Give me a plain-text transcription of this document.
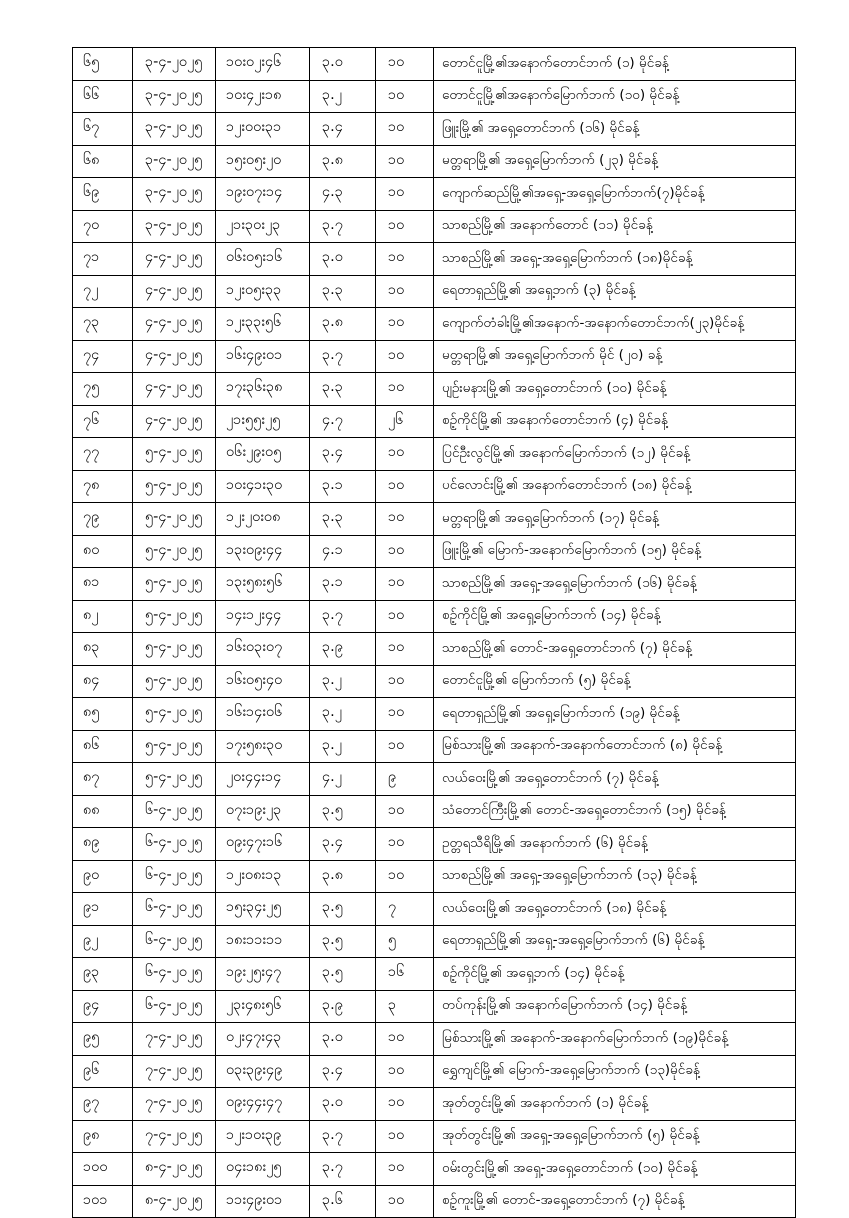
၆၅	၃-၄-၂၀၂၅	၁၀း၀၂း၄၆	၃.၀	၁၀	တောင်ငူမြို့၏အနောက်တောင်ဘက် (၁) မိုင်ခန့်
၆၆	၃-၄-၂၀၂၅	၁၀း၄၂း၁၈	၃.၂	၁၀	တောင်ငူမြို့၏အနောက်မြောက်ဘက် (၁၀) မိုင်ခန့်
၆၇	၃-၄-၂၀၂၅	၁၂း၀၀း၃၁	၃.၄	၁၀	ဖြူးမြို့၏ အရှေ့တောင်ဘက် (၁၆) မိုင်ခန့်
၆၈	၃-၄-၂၀၂၅	၁၅း၀၅း၂၀	၃.၈	၁၀	မတ္တရာမြို့၏ အရှေ့မြောက်ဘက် (၂၃) မိုင်ခန့်
၆၉	၃-၄-၂၀၂၅	၁၉း၀၇း၁၄	၄.၃	၁၀	ကျောက်ဆည်မြို့၏အရှေ့-အရှေ့မြောက်ဘက်(၇)မိုင်ခန့်
၇၀	၃-၄-၂၀၂၅	၂၁း၃၀း၂၃	၃.၇	၁၀	သာစည်မြို့၏ အနောက်တောင် (၁၁) မိုင်ခန့်
၇၁	၄-၄-၂၀၂၅	၀၆း၀၅း၁၆	၃.၀	၁၀	သာစည်မြို့၏ အရှေ့-အရှေ့မြောက်ဘက် (၁၈)မိုင်ခန့်
၇၂	၄-၄-၂၀၂၅	၁၂း၀၅း၃၃	၃.၃	၁၀	ရေတာရှည်မြို့၏ အရှေ့ဘက် (၃) မိုင်ခန့်
၇၃	၄-၄-၂၀၂၅	၁၂း၃၃း၅၆	၃.၈	၁၀	ကျောက်တံခါးမြို့၏အနောက်-အနောက်တောင်ဘက်(၂၃)မိုင်ခန့်
၇၄	၄-၄-၂၀၂၅	၁၆း၄၉း၀၁	၃.၇	၁၀	မတ္တရာမြို့၏ အရှေ့မြောက်ဘက် မိုင် (၂၀) ခန့်
၇၅	၄-၄-၂၀၂၅	၁၇း၃၆း၃၈	၃.၃	၁၀	ပျဉ်းမနားမြို့၏ အရှေ့တောင်ဘက် (၁၀) မိုင်ခန့်
၇၆	၄-၄-၂၀၂၅	၂၁း၅၅း၂၅	၄.၇	၂၆	စဉ့်ကိုင်မြို့၏ အနောက်တောင်ဘက် (၄) မိုင်ခန့်
၇၇	၅-၄-၂၀၂၅	၀၆း၂၉း၀၅	၃.၄	၁၀	ပြင်ဦးလွင်မြို့၏ အနောက်မြောက်ဘက် (၁၂) မိုင်ခန့်
၇၈	၅-၄-၂၀၂၅	၁၀း၄၁း၃၀	၃.၁	၁၀	ပင်လောင်းမြို့၏ အနောက်တောင်ဘက် (၁၈) မိုင်ခန့်
၇၉	၅-၄-၂၀၂၅	၁၂း၂၀း၀၈	၃.၃	၁၀	မတ္တရာမြို့၏ အရှေ့မြောက်ဘက် (၁၇) မိုင်ခန့်
၈၀	၅-၄-၂၀၂၅	၁၃း၀၉း၄၄	၄.၁	၁၀	ဖြူးမြို့၏ မြောက်-အနောက်မြောက်ဘက် (၁၅) မိုင်ခန့်
၈၁	၅-၄-၂၀၂၅	၁၃း၅၈း၅၆	၃.၁	၁၀	သာစည်မြို့၏ အရှေ့-အရှေ့မြောက်ဘက် (၁၆) မိုင်ခန့်
၈၂	၅-၄-၂၀၂၅	၁၄း၁၂း၄၄	၃.၇	၁၀	စဉ့်ကိုင်မြို့၏ အရှေ့မြောက်ဘက် (၁၄) မိုင်ခန့်
၈၃	၅-၄-၂၀၂၅	၁၆း၀၃း၀၇	၃.၉	၁၀	သာစည်မြို့၏ တောင်-အရှေ့တောင်ဘက် (၇) မိုင်ခန့်
၈၄	၅-၄-၂၀၂၅	၁၆း၀၅း၄၀	၃.၂	၁၀	တောင်ငူမြို့၏ မြောက်ဘက် (၅) မိုင်ခန့်
၈၅	၅-၄-၂၀၂၅	၁၆း၁၄း၀၆	၃.၂	၁၀	ရေတာရှည်မြို့၏ အရှေ့မြောက်ဘက် (၁၉) မိုင်ခန့်
၈၆	၅-၄-၂၀၂၅	၁၇း၅၈း၃၀	၃.၂	၁၀	မြစ်သားမြို့၏ အနောက်-အနောက်တောင်ဘက် (၈) မိုင်ခန့်
၈၇	၅-၄-၂၀၂၅	၂၀း၄၄း၁၄	၄.၂	၉	လယ်ဝေးမြို့၏ အရှေ့တောင်ဘက် (၇) မိုင်ခန့်
၈၈	၆-၄-၂၀၂၅	၀၇း၁၉း၂၃	၃.၅	၁၀	သံတောင်ကြီးမြို့၏ တောင်-အရှေ့တောင်ဘက် (၁၅) မိုင်ခန့်
၈၉	၆-၄-၂၀၂၅	၀၉း၄၇း၁၆	၃.၄	၁၀	ဥတ္တရသီရိမြို့၏ အနောက်ဘက် (၆) မိုင်ခန့်
၉၀	၆-၄-၂၀၂၅	၁၂း၀၈း၁၃	၃.၈	၁၀	သာစည်မြို့၏ အရှေ့-အရှေ့မြောက်ဘက် (၁၃) မိုင်ခန့်
၉၁	၆-၄-၂၀၂၅	၁၅း၃၄း၂၅	၃.၅	၇	လယ်ဝေးမြို့၏ အရှေ့တောင်ဘက် (၁၈) မိုင်ခန့်
၉၂	၆-၄-၂၀၂၅	၁၈း၁၁း၁၁	၃.၅	၅	ရေတာရှည်မြို့၏ အရှေ့-အရှေ့မြောက်ဘက် (၆) မိုင်ခန့်
၉၃	၆-၄-၂၀၂၅	၁၉း၂၅း၄၇	၃.၅	၁၆	စဉ့်ကိုင်မြို့၏ အရှေ့ဘက် (၁၄) မိုင်ခန့်
၉၄	၆-၄-၂၀၂၅	၂၃း၄၈း၅၆	၃.၉	၃	တပ်ကုန်းမြို့၏ အနောက်မြောက်ဘက် (၁၄) မိုင်ခန့်
၉၅	၇-၄-၂၀၂၅	၀၂း၄၇း၄၃	၃.၀	၁၀	မြစ်သားမြို့၏ အနောက်-အနောက်မြောက်ဘက် (၁၉)မိုင်ခန့်
၉၆	၇-၄-၂၀၂၅	၀၃း၃၉း၄၉	၃.၄	၁၀	ရွှေကျင်မြို့၏ မြောက်-အရှေ့မြောက်ဘက် (၁၃)မိုင်ခန့်
၉၇	၇-၄-၂၀၂၅	၀၉း၄၄း၄၇	၃.၀	၁၀	အုတ်တွင်းမြို့၏ အနောက်ဘက် (၁) မိုင်ခန့်
၉၈	၇-၄-၂၀၂၅	၁၂း၁၀း၃၉	၃.၇	၁၀	အုတ်တွင်းမြို့၏ အရှေ့-အရှေ့မြောက်ဘက် (၅) မိုင်ခန့်
၁၀၀	၈-၄-၂၀၂၅	၀၄း၁၈း၂၅	၃.၇	၁၀	ဝမ်းတွင်းမြို့၏ အရှေ့-အရှေ့တောင်ဘက် (၁၀) မိုင်ခန့်
၁၀၁	၈-၄-၂၀၂၅	၁၁း၄၉း၀၁	၃.၆	၁၀	စဉ့်ကူးမြို့၏ တောင်-အရှေ့တောင်ဘက် (၇) မိုင်ခန့်
